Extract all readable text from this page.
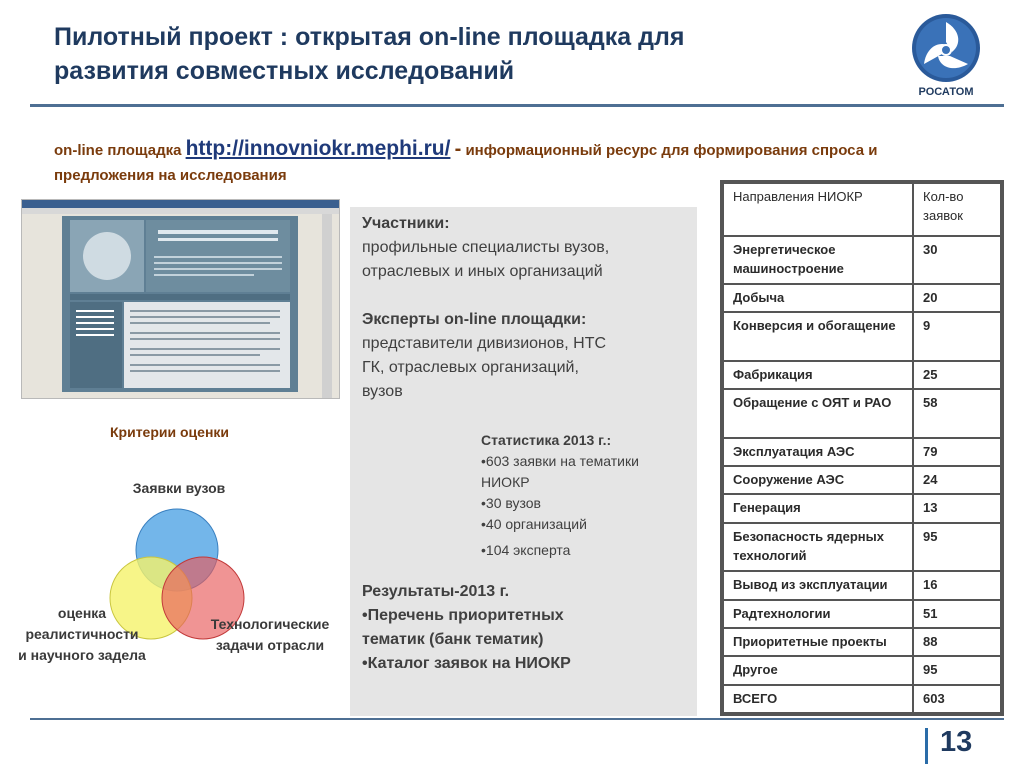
Пилотный проект : открытая on-line площадка для
развития совместных исследований
РОСАТОМ
on-line площадка http://innovniokr.mephi.ru/ - информационный ресурс для формирования спроса и предложения на исследования
Критерии оценки
Заявки вузов
оценка
реалистичности
и научного задела
Технологические
задачи отрасли
Участники:
профильные специалисты вузов,
отраслевых и иных организаций
Эксперты on-line площадки:
представители дивизионов, НТС
ГК, отраслевых организаций,
вузов
Статистика 2013 г.:
•603 заявки на тематики
НИОКР
•30 вузов
•40 организаций
•104 эксперта
Результаты-2013 г.
•Перечень приоритетных
тематик (банк тематик)
•Каталог заявок на НИОКР
Направления НИОКР	Кол-во заявок
Энергетическое машиностроение	30
Добыча	20
Конверсия и обогащение	9
Фабрикация	25
Обращение с ОЯТ и РАО	58
Эксплуатация АЭС	79
Сооружение АЭС	24
Генерация	13
Безопасность ядерных технологий	95
Вывод из эксплуатации	16
Радтехнологии	51
Приоритетные проекты	88
Другое	95
ВСЕГО	603
13
